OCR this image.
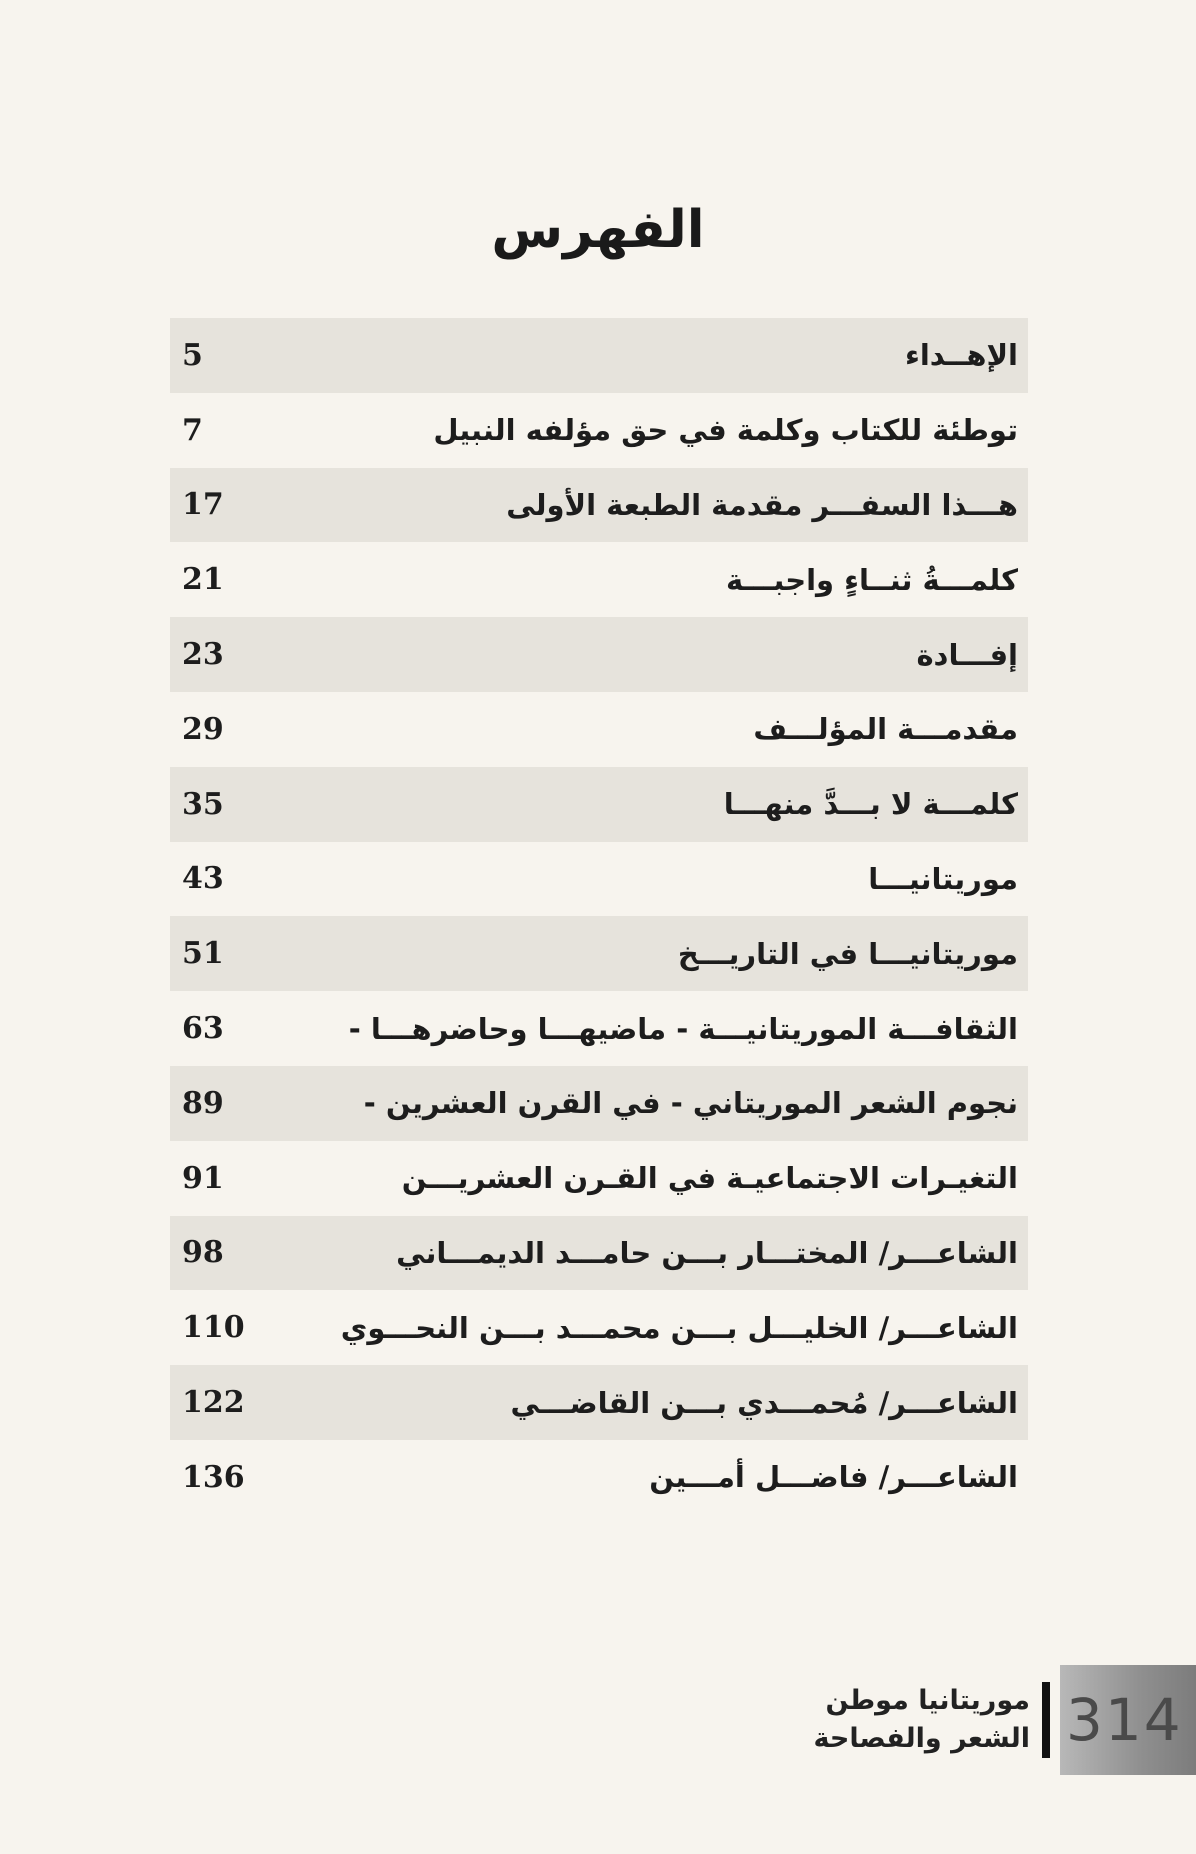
الفهرس
5	الإهــداء
7	توطئة للكتاب وكلمة في حق مؤلفه النبيل
17	هـــذا السفـــر مقدمة الطبعة الأولى
21	كلمـــةُ ثنــاءٍ واجبـــة
23	إفـــادة
29	مقدمـــة المؤلـــف
35	كلمـــة لا بـــدَّ منهـــا
43	موريتانيـــا
51	موريتانيـــا في التاريـــخ
63	الثقافـــة الموريتانيـــة - ماضيهـــا وحاضرهـــا -
89	نجوم الشعر الموريتاني - في القرن العشرين -
91	التغيـرات الاجتماعيـة في القـرن العشريـــن
98	الشاعـــر/ المختـــار بـــن حامـــد الديمـــاني
110	الشاعـــر/ الخليـــل بـــن محمـــد بـــن النحـــوي
122	الشاعـــر/ مُحمـــدي بـــن القاضـــي
136	الشاعـــر/ فاضـــل أمـــين
موريتانيا موطن
الشعر والفصاحة 314
